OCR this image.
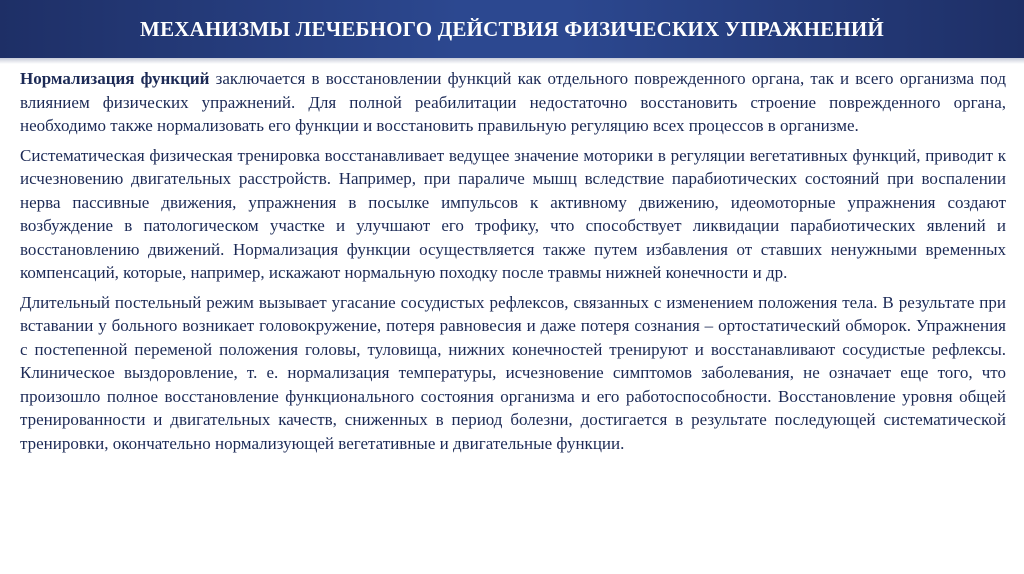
МЕХАНИЗМЫ ЛЕЧЕБНОГО ДЕЙСТВИЯ ФИЗИЧЕСКИХ УПРАЖНЕНИЙ

Нормализация функций заключается в восстановлении функций как отдельного поврежденного органа, так и всего организма под влиянием физических упражнений. Для полной реабилитации недостаточно восстановить строение поврежденного органа, необходимо также нормализовать его функции и восстановить правильную регуляцию всех процессов в организме.

Систематическая физическая тренировка восстанавливает ведущее значение моторики в регуляции вегетативных функций, приводит к исчезновению двигательных расстройств. Например, при параличе мышц вследствие парабиотических состояний при воспалении нерва пассивные движения, упражнения в посылке импульсов к активному движению, идеомоторные упражнения создают возбуждение в патологическом участке и улучшают его трофику, что способствует ликвидации парабиотических явлений и восстановлению движений. Нормализация функции осуществляется также путем избавления от ставших ненужными временных компенсаций, которые, например, искажают нормальную походку после травмы нижней конечности и др.

Длительный постельный режим вызывает угасание сосудистых рефлексов, связанных с изменением положения тела. В результате при вставании у больного возникает головокружение, потеря равновесия и даже потеря сознания – ортостатический обморок. Упражнения с постепенной переменой положения головы, туловища, нижних конечностей тренируют и восстанавливают сосудистые рефлексы. Клиническое выздоровление, т. е. нормализация температуры, исчезновение симптомов заболевания, не означает еще того, что произошло полное восстановление функционального состояния организма и его работоспособности. Восстановление уровня общей тренированности и двигательных качеств, сниженных в период болезни, достигается в результате последующей систематической тренировки, окончательно нормализующей вегетативные и двигательные функции.
